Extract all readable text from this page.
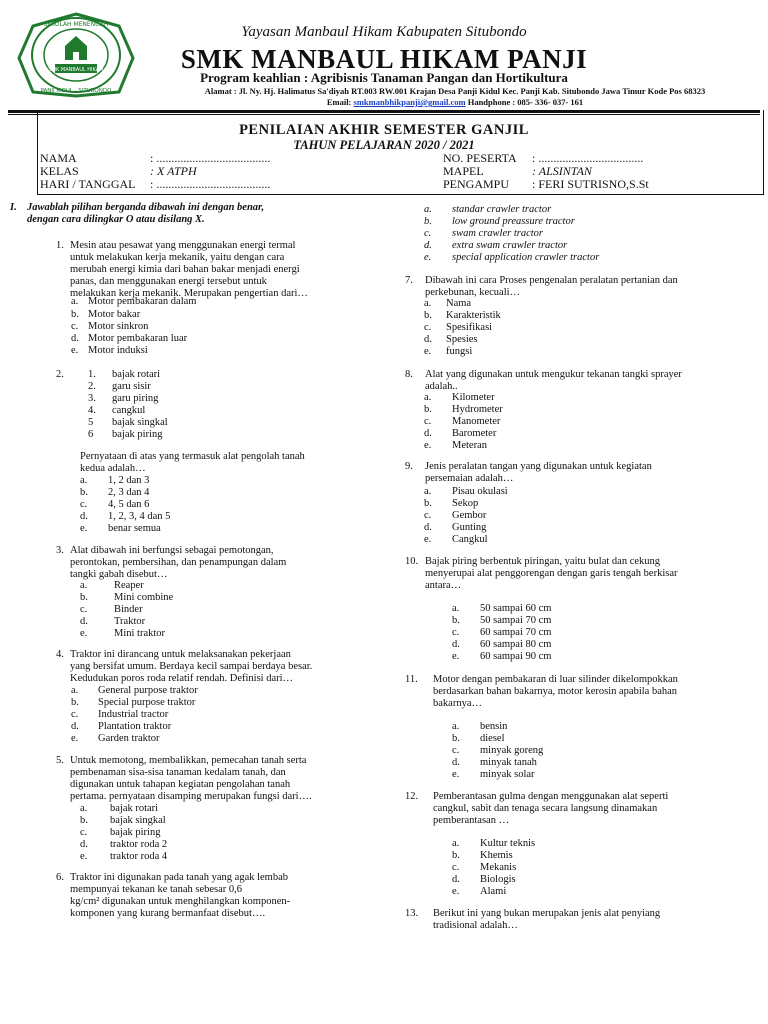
SEKOLAH MENENGAH
PANJI KIDUL · SITUBONDO
SMK MANBAUL HIKAM
Yayasan Manbaul Hikam Kabupaten Situbondo
SMK MANBAUL HIKAM PANJI
Program keahlian : Agribisnis Tanaman Pangan dan Hortikultura
Alamat : Jl. Ny. Hj. Halimatus Sa'diyah RT.003 RW.001 Krajan Desa Panji Kidul Kec. Panji Kab. Situbondo Jawa Timur Kode Pos 68323
Email: smkmanbhikpanji@gmail.com Handphone : 085- 336- 037- 161
PENILAIAN AKHIR SEMESTER GANJIL
TAHUN PELAJARAN 2020 / 2021
NAMA	: ......................................
KELAS	: X ATPH
HARI / TANGGAL : ......................................
NO. PESERTA : ...................................
MAPEL	: ALSINTAN
PENGAMPU : FERI SUTRISNO,S.St
I. Jawablah pilihan berganda dibawah ini dengan benar,
dengan cara dilingkar O atau disilang X.
1. Mesin atau pesawat yang menggunakan energi termal
untuk melakukan kerja mekanik, yaitu dengan cara
merubah energi kimia dari bahan bakar menjadi energi
panas, dan menggunakan energi tersebut untuk
melakukan kerja mekanik. Merupakan pengertian dari…
a. Motor pembakaran dalam
b. Motor bakar
c. Motor sinkron
d. Motor pembakaran luar
e. Motor induksi
2. 1. bajak rotari
2. garu sisir
3. garu piring
4. cangkul
5 bajak singkal
6 bajak piring
Pernyataan di atas yang termasuk alat pengolah tanah
kedua adalah…
a. 1, 2 dan 3
b. 2, 3 dan 4
c. 4, 5 dan 6
d. 1, 2, 3, 4 dan 5
e. benar semua
3. Alat dibawah ini berfungsi sebagai pemotongan,
perontokan, pembersihan, dan penampungan dalam
tangki gabah disebut…
a.	Reaper
b. Mini combine
c.	Binder
d. Traktor
e.	Mini traktor
4. Traktor ini dirancang untuk melaksanakan pekerjaan
yang bersifat umum. Berdaya kecil sampai berdaya besar.
Kedudukan poros roda relatif rendah. Definisi dari…
a. General purpose traktor
b. Special purpose traktor
c. Industrial tractor
d. Plantation traktor
e. Garden traktor
5. Untuk memotong, membalikkan, pemecahan tanah serta
pembenaman sisa-sisa tanaman kedalam tanah, dan
digunakan untuk tahapan kegiatan pengolahan tanah
pertama. pernyataan disamping merupakan fungsi dari….
a. bajak rotari
b. bajak singkal
c. bajak piring
d. traktor roda 2
e. traktor roda 4
6. Traktor ini digunakan pada tanah yang agak lembab
mempunyai tekanan ke tanah sebesar 0,6
kg/cm² digunakan untuk menghilangkan komponen-
komponen yang kurang bermanfaat disebut….
a. standar crawler tractor
b. low ground preassure tractor
c. swam crawler tractor
d. extra swam crawler tractor
e. special application crawler tractor
7. Dibawah ini cara Proses pengenalan peralatan pertanian dan
perkebunan, kecuali…
a. Nama
b. Karakteristik
c. Spesifikasi
d. Spesies
e. fungsi
8. Alat yang digunakan untuk mengukur tekanan tangki sprayer
adalah..
a. Kilometer
b. Hydrometer
c. Manometer
d. Barometer
e. Meteran
9. Jenis peralatan tangan yang digunakan untuk kegiatan
persemaian adalah…
a. Pisau okulasi
b. Sekop
c. Gembor
d. Gunting
e. Cangkul
10. Bajak piring berbentuk piringan, yaitu bulat dan cekung
menyerupai alat penggorengan dengan garis tengah berkisar
antara…
a. 50 sampai 60 cm
b. 50 sampai 70 cm
c. 60 sampai 70 cm
d. 60 sampai 80 cm
e. 60 sampai 90 cm
11. Motor dengan pembakaran di luar silinder dikelompokkan
berdasarkan bahan bakarnya, motor kerosin apabila bahan
bakarnya…
a. bensin
b. diesel
c. minyak goreng
d. minyak tanah
e. minyak solar
12. Pemberantasan gulma dengan menggunakan alat seperti
cangkul, sabit dan tenaga secara langsung dinamakan
pemberantasan …
a. Kultur teknis
b. Khemis
c. Mekanis
d. Biologis
e. Alami
13. Berikut ini yang bukan merupakan jenis alat penyiang
tradisional adalah…
